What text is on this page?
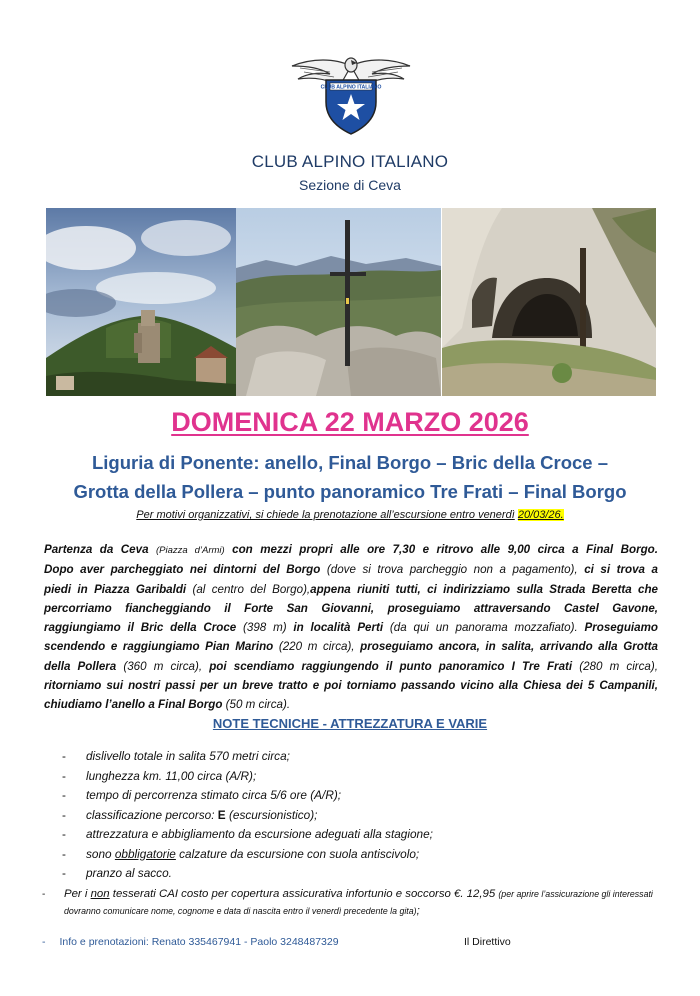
CLUB ALPINO ITALIANO
CLUB ALPINO ITALIANO
Sezione di Ceva
DOMENICA 22 MARZO 2026
Liguria di Ponente: anello, Final Borgo – Bric della Croce –
Grotta della Pollera – punto panoramico Tre Frati – Final Borgo
Per motivi organizzativi, si chiede la prenotazione all’escursione entro venerdì 20/03/26.
Partenza da Ceva (Piazza d’Armi) con mezzi propri alle ore 7,30 e ritrovo alle 9,00 circa a Final Borgo.
Dopo aver parcheggiato nei dintorni del Borgo (dove si trova parcheggio non a pagamento), ci si trova a
piedi in Piazza Garibaldi (al centro del Borgo),appena riuniti tutti, ci indirizziamo sulla Strada Beretta che
percorriamo fiancheggiando il Forte San Giovanni, proseguiamo attraversando Castel Gavone,
raggiungiamo il Bric della Croce (398 m) in località Perti (da qui un panorama mozzafiato). Proseguiamo
scendendo e raggiungiamo Pian Marino (220 m circa), proseguiamo ancora, in salita, arrivando alla Grotta
della Pollera (360 m circa), poi scendiamo raggiungendo il punto panoramico I Tre Frati (280 m circa),
ritorniamo sui nostri passi per un breve tratto e poi torniamo passando vicino alla Chiesa dei 5 Campanili,
chiudiamo l’anello a Final Borgo (50 m circa).
NOTE TECNICHE - ATTREZZATURA E VARIE
- dislivello totale in salita 570 metri circa;
- lunghezza km. 11,00 circa (A/R);
- tempo di percorrenza stimato circa 5/6 ore (A/R);
- classificazione percorso: E (escursionistico);
- attrezzatura e abbigliamento da escursione adeguati alla stagione;
- sono obbligatorie calzature da escursione con suola antiscivolo;
- pranzo al sacco.
-	Per i non tesserati CAI costo per copertura assicurativa infortunio e soccorso €. 12,95 (per aprire l’assicurazione gli interessati dovranno comunicare nome, cognome e data di nascita entro il venerdì precedente la gita);
- Info e prenotazioni: Renato 335467941 - Paolo 3248487329	Il Direttivo
